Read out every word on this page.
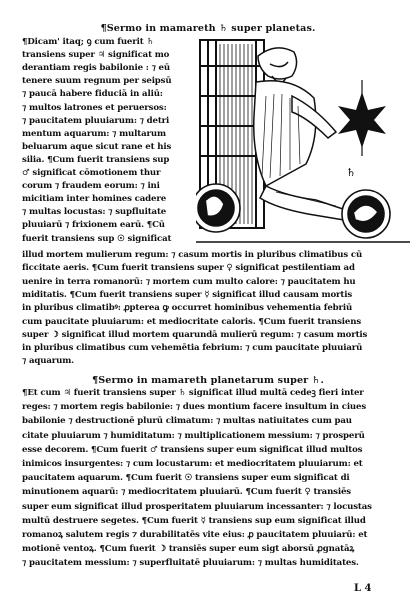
¶Sermo in mamareth ♄ super planetas.
¶Dicam' itaq; ꝯ cum fuerit ♄
transiens super ♃ significat mo
derantiam regis babilonie : ⁊ eū
tenere suum regnum per seipsū
⁊ paucā habere fiduciā in aliū:
⁊ multos latrones et peruersos:
⁊ paucitatem pluuiarum: ⁊ detri
mentum aquarum: ⁊ multarum
beluarum aque sicut rane et his
silia. ¶Cum fuerit transiens sup
♂ significat cōmotionem thur
corum ⁊ fraudem eorum: ⁊ ini
micitiam inter homines cadere
⁊ multas locustas: ⁊ supfluitate
pluuiarū ⁊ frixionem earū. ¶Cū
fuerit transiens sup ☉ significat
♄
illud mortem mulierum regum: ⁊ casum mortis in pluribus climatibus cū
ficcitate aeris. ¶Cum fuerit transiens super ♀ significat pestilentiam ad
uenire in terra romanorū: ⁊ mortem cum multo calore: ⁊ paucitatem hu
miditatis. ¶Cum fuerit transiens super ☿ significat illud causam mortis
in pluribus climatibꝰ: ꝓpterea ꝙ occurret hominibus vehementia febriū
cum paucitate pluuiarum: et mediocritate caloris. ¶Cum fuerit transiens
super ☽ significat illud mortem quarundā mulierū regum: ⁊ casum mortis
in pluribus climatibus cum vehemētia febrium: ⁊ cum paucitate pluuiarū
⁊ aquarum.
¶Sermo in mamareth planetarum super ♄.
¶Et cum ♃ fuerit transiens super ♄ significat illud multā cedeꝫ fieri inter
reges: ⁊ mortem regis babilonie: ⁊ dues montium facere insultum in ciues
babilonie ⁊ destructionē plurū climatum: ⁊ multas natiuitates cum pau
citate pluuiarum ⁊ humiditatum: ⁊ multiplicationem messium: ⁊ prosperū
esse decorem. ¶Cum fuerit ♂ transiens super eum significat illud multos
inimicos insurgentes: ⁊ cum locustarum: et mediocritatem pluuiarum: et
paucitatem aquarum. ¶Cum fuerit ☉ transiens super eum significat di
minutionem aquarū: ⁊ mediocritatem pluuiarū. ¶Cum fuerit ♀ transiēs
super eum significat illud prosperitatem pluuiarum incessanter: ⁊ locustas
multū destruere segetes. ¶Cum fuerit ☿ transiens sup eum significat illud
romanoꝝ salutem regis ⁊ durabilitatēs vite eius: ꝓ paucitatem pluuiarū: et
motionē ventoꝝ. ¶Cum fuerit ☽ transiēs super eum sigt aborsū ꝓgnatāꝝ
⁊ paucitatem messium: ⁊ superfluitatē pluuiarum: ⁊ multas humiditates.
L 4
